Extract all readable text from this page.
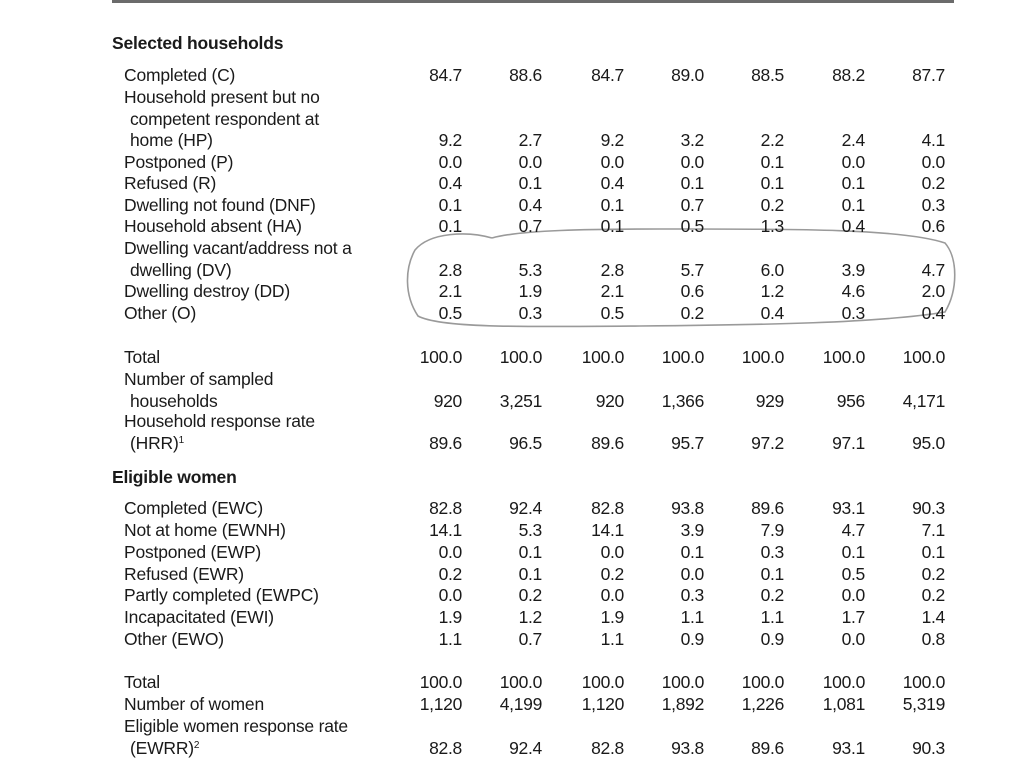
Selected households
Completed (C)	84.7	88.6	84.7	89.0	88.5	88.2	87.7
Household present but no
competent respondent at
home (HP)	9.2	2.7	9.2	3.2	2.2	2.4	4.1
Postponed (P)	0.0	0.0	0.0	0.0	0.1	0.0	0.0
Refused (R)	0.4	0.1	0.4	0.1	0.1	0.1	0.2
Dwelling not found (DNF)	0.1	0.4	0.1	0.7	0.2	0.1	0.3
Household absent (HA)	0.1	0.7	0.1	0.5	1.3	0.4	0.6
Dwelling vacant/address not a
dwelling (DV)	2.8	5.3	2.8	5.7	6.0	3.9	4.7
Dwelling destroy (DD)	2.1	1.9	2.1	0.6	1.2	4.6	2.0
Other (O)	0.5	0.3	0.5	0.2	0.4	0.3	0.4
Total	100.0	100.0	100.0	100.0	100.0	100.0	100.0
Number of sampled
households	920	3,251	920	1,366	929	956	4,171
Household response rate
(HRR)$^1$	89.6	96.5	89.6	95.7	97.2	97.1	95.0
Eligible women
Completed (EWC)	82.8	92.4	82.8	93.8	89.6	93.1	90.3
Not at home (EWNH)	14.1	5.3	14.1	3.9	7.9	4.7	7.1
Postponed (EWP)	0.0	0.1	0.0	0.1	0.3	0.1	0.1
Refused (EWR)	0.2	0.1	0.2	0.0	0.1	0.5	0.2
Partly completed (EWPC)	0.0	0.2	0.0	0.3	0.2	0.0	0.2
Incapacitated (EWI)	1.9	1.2	1.9	1.1	1.1	1.7	1.4
Other (EWO)	1.1	0.7	1.1	0.9	0.9	0.0	0.8
Total	100.0	100.0	100.0	100.0	100.0	100.0	100.0
Number of women	1,120	4,199	1,120	1,892	1,226	1,081	5,319
Eligible women response rate
(EWRR)$^2$	82.8	92.4	82.8	93.8	89.6	93.1	90.3
